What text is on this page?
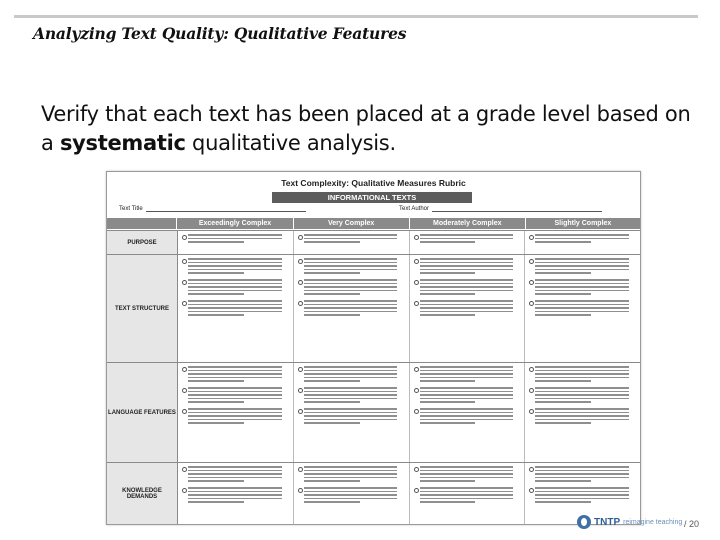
Analyzing Text Quality: Qualitative Features
Verify that each text has been placed at a grade level based on a systematic qualitative analysis.
Text Complexity: Qualitative Measures Rubric
INFORMATIONAL TEXTS
Text Title	Text Author
Exceedingly Complex	Very Complex	Moderately Complex	Slightly Complex
PURPOSE
TEXT STRUCTURE
LANGUAGE FEATURES
KNOWLEDGE DEMANDS
TNTP reimagine teaching / 20
